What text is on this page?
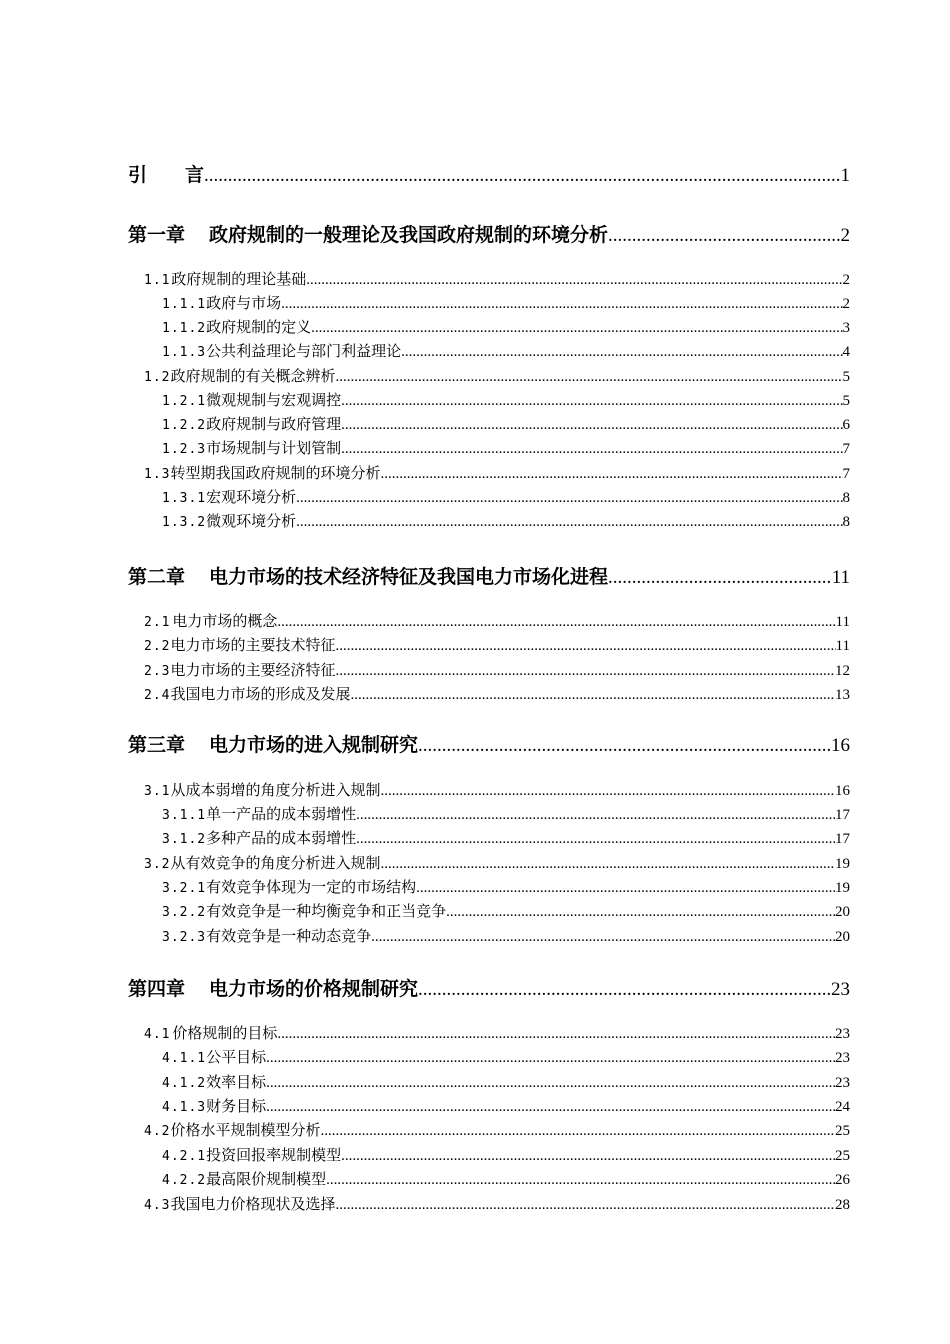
引　　言 .....	1
第一章 政府规制的一般理论及我国政府规制的环境分析 .....	2
1.1 政府规制的理论基础 .....	2
1.1.1 政府与市场 .....	2
1.1.2 政府规制的定义 .....	3
1.1.3 公共利益理论与部门利益理论 .....	4
1.2 政府规制的有关概念辨析 .....	5
1.2.1 微观规制与宏观调控 .....	5
1.2.2 政府规制与政府管理 .....	6
1.2.3 市场规制与计划管制 .....	7
1.3 转型期我国政府规制的环境分析 .....	7
1.3.1 宏观环境分析 .....	8
1.3.2 微观环境分析 .....	8
第二章 电力市场的技术经济特征及我国电力市场化进程 .....	11
2.1 电力市场的概念 .....	11
2.2 电力市场的主要技术特征 .....	11
2.3 电力市场的主要经济特征 .....	12
2.4 我国电力市场的形成及发展 .....	13
第三章 电力市场的进入规制研究 .....	16
3.1 从成本弱增的角度分析进入规制 .....	16
3.1.1 单一产品的成本弱增性 .....	17
3.1.2 多种产品的成本弱增性 .....	17
3.2 从有效竞争的角度分析进入规制 .....	19
3.2.1 有效竞争体现为一定的市场结构 .....	19
3.2.2 有效竞争是一种均衡竞争和正当竞争 .....	20
3.2.3 有效竞争是一种动态竞争 .....	20
第四章 电力市场的价格规制研究 .....	23
4.1 价格规制的目标 .....	23
4.1.1 公平目标 .....	23
4.1.2 效率目标 .....	23
4.1.3 财务目标 .....	24
4.2 价格水平规制模型分析 .....	25
4.2.1 投资回报率规制模型 .....	25
4.2.2 最高限价规制模型 .....	26
4.3 我国电力价格现状及选择 .....	28
